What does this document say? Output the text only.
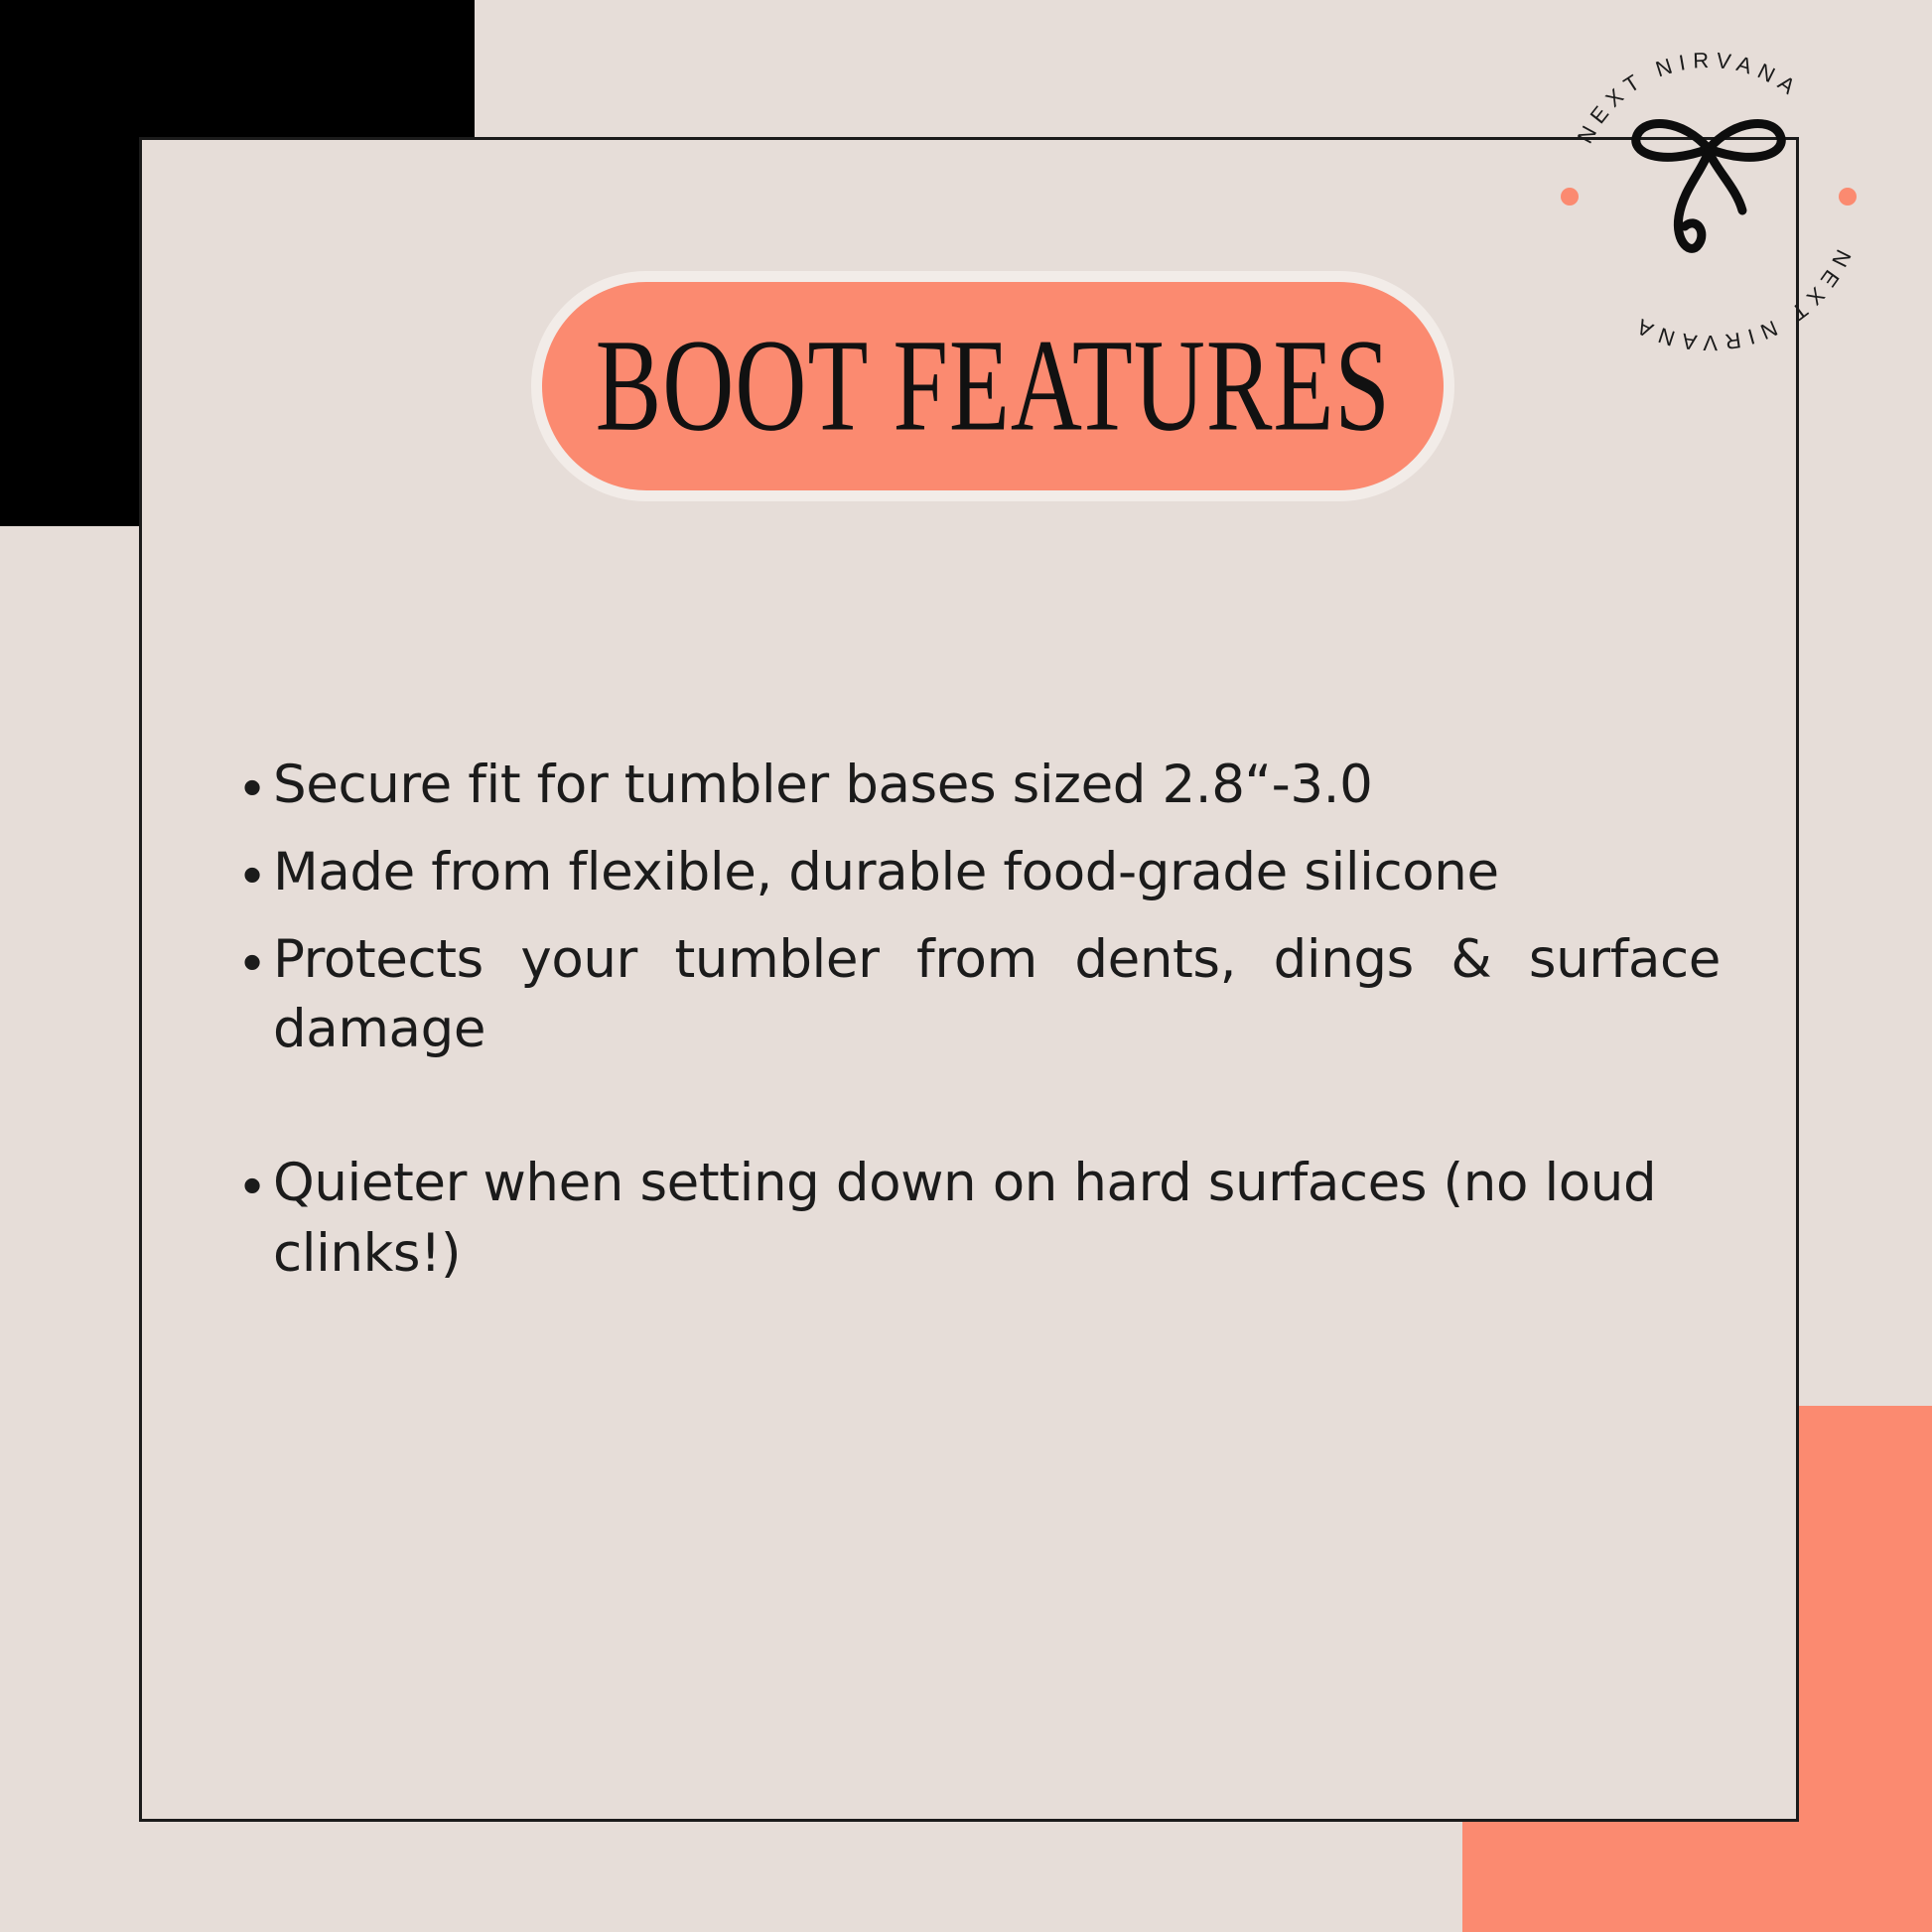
BOOT FEATURES
• Secure fit for tumbler bases sized 2.8“-3.0
• Made from flexible, durable food-grade silicone
• Protects your tumbler from dents, dings & surface damage
• Quieter when setting down on hard surfaces (no loud clinks!)
NEXT NIRVANA
NEXT NIRVANA
